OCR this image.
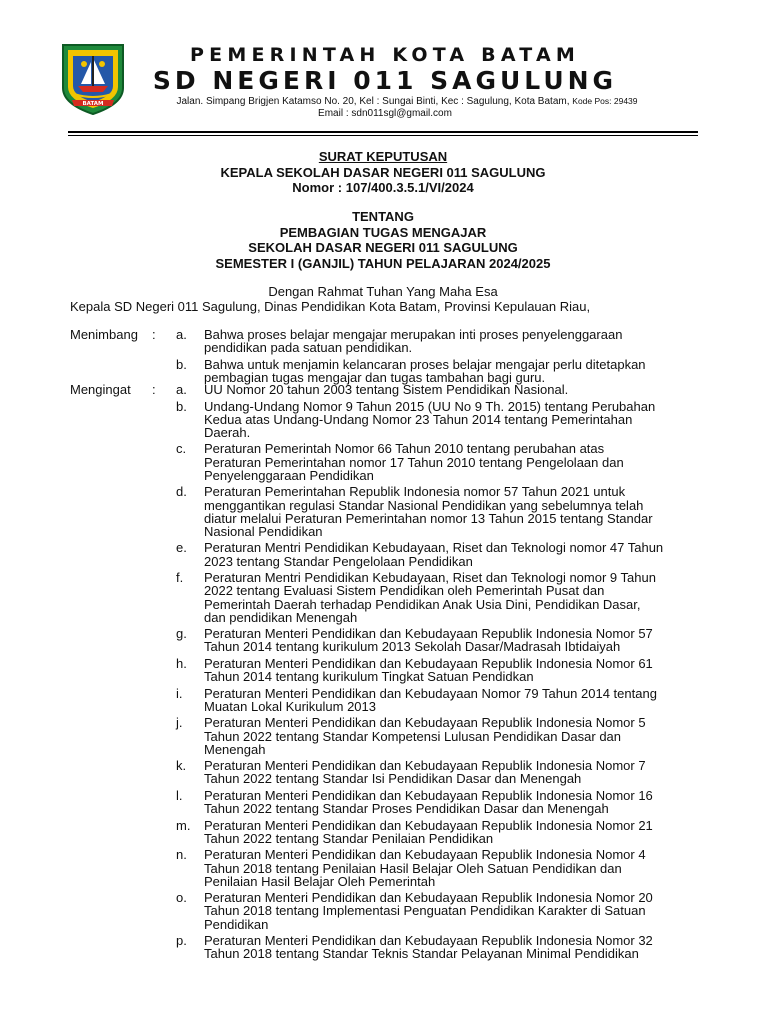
BATAM
PEMERINTAH KOTA BATAM
SD NEGERI 011 SAGULUNG
Jalan. Simpang Brigjen Katamso No. 20, Kel : Sungai Binti, Kec : Sagulung, Kota Batam, Kode Pos: 29439
Email : sdn011sgl@gmail.com
SURAT KEPUTUSAN
KEPALA SEKOLAH DASAR NEGERI 011 SAGULUNG
Nomor : 107/400.3.5.1/VI/2024
TENTANG
PEMBAGIAN TUGAS MENGAJAR
SEKOLAH DASAR NEGERI 011 SAGULUNG
SEMESTER I (GANJIL) TAHUN PELAJARAN 2024/2025
Dengan Rahmat Tuhan Yang Maha Esa
Kepala SD Negeri 011 Sagulung, Dinas Pendidikan Kota Batam, Provinsi Kepulauan Riau,
Menimbang	:	a.	Bahwa proses belajar mengajar merupakan inti proses penyelenggaraan
pendidikan pada satuan pendidikan.
b.	Bahwa untuk menjamin kelancaran proses belajar mengajar perlu ditetapkan
pembagian tugas mengajar dan tugas tambahan bagi guru.
Mengingat	:	a.	UU Nomor 20 tahun 2003 tentang Sistem Pendidikan Nasional.
b.	Undang-Undang Nomor 9 Tahun 2015 (UU No 9 Th. 2015) tentang Perubahan
Kedua atas Undang-Undang Nomor 23 Tahun 2014 tentang Pemerintahan
Daerah.
c.	Peraturan Pemerintah Nomor 66 Tahun 2010 tentang perubahan atas
Peraturan Pemerintahan nomor 17 Tahun 2010 tentang Pengelolaan dan
Penyelenggaraan Pendidikan
d.	Peraturan Pemerintahan Republik Indonesia nomor 57 Tahun 2021 untuk
menggantikan regulasi Standar Nasional Pendidikan yang sebelumnya telah
diatur melalui Peraturan Pemerintahan nomor 13 Tahun 2015 tentang Standar
Nasional Pendidikan
e.	Peraturan Mentri Pendidikan Kebudayaan, Riset dan Teknologi nomor 47 Tahun
2023 tentang Standar Pengelolaan Pendidikan
f.	Peraturan Mentri Pendidikan Kebudayaan, Riset dan Teknologi nomor 9 Tahun
2022 tentang Evaluasi Sistem Pendidikan oleh Pemerintah Pusat dan
Pemerintah Daerah terhadap Pendidikan Anak Usia Dini, Pendidikan Dasar,
dan pendidikan Menengah
g.	Peraturan Menteri Pendidikan dan Kebudayaan Republik Indonesia Nomor 57
Tahun 2014 tentang kurikulum 2013 Sekolah Dasar/Madrasah Ibtidaiyah
h.	Peraturan Menteri Pendidikan dan Kebudayaan Republik Indonesia Nomor 61
Tahun 2014 tentang kurikulum Tingkat Satuan Pendidkan
i.	Peraturan Menteri Pendidikan dan Kebudayaan Nomor 79 Tahun 2014 tentang
Muatan Lokal Kurikulum 2013
j.	Peraturan Menteri Pendidikan dan Kebudayaan Republik Indonesia Nomor 5
Tahun 2022 tentang Standar Kompetensi Lulusan Pendidikan Dasar dan
Menengah
k.	Peraturan Menteri Pendidikan dan Kebudayaan Republik Indonesia Nomor 7
Tahun 2022 tentang Standar Isi Pendidikan Dasar dan Menengah
l.	Peraturan Menteri Pendidikan dan Kebudayaan Republik Indonesia Nomor 16
Tahun 2022 tentang Standar Proses Pendidikan Dasar dan Menengah
m.	Peraturan Menteri Pendidikan dan Kebudayaan Republik Indonesia Nomor 21
Tahun 2022 tentang Standar Penilaian Pendidikan
n.	Peraturan Menteri Pendidikan dan Kebudayaan Republik Indonesia Nomor 4
Tahun 2018 tentang Penilaian Hasil Belajar Oleh Satuan Pendidikan dan
Penilaian Hasil Belajar Oleh Pemerintah
o.	Peraturan Menteri Pendidikan dan Kebudayaan Republik Indonesia Nomor 20
Tahun 2018 tentang Implementasi Penguatan Pendidikan Karakter di Satuan
Pendidikan
p.	Peraturan Menteri Pendidikan dan Kebudayaan Republik Indonesia Nomor 32
Tahun 2018 tentang Standar Teknis Standar Pelayanan Minimal Pendidikan
